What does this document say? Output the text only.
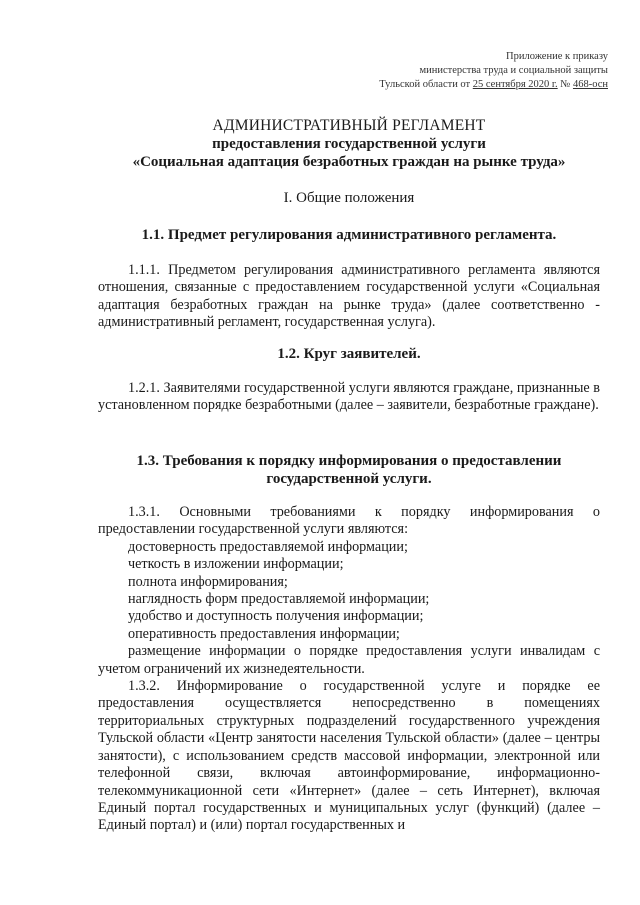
Приложение к приказу
министерства труда и социальной защиты
Тульской области от 25 сентября 2020 г. № 468-осн
АДМИНИСТРАТИВНЫЙ РЕГЛАМЕНТ
предоставления государственной услуги
«Социальная адаптация безработных граждан на рынке труда»
I. Общие положения
1.1. Предмет регулирования административного регламента.
1.1.1. Предметом регулирования административного регламента являются отношения, связанные с предоставлением государственной услуги «Социальная адаптация безработных граждан на рынке труда» (далее соответственно - административный регламент, государственная услуга).
1.2. Круг заявителей.
1.2.1. Заявителями государственной услуги являются граждане, признанные в установленном порядке безработными (далее – заявители, безработные граждане).
1.3. Требования к порядку информирования о предоставлении
государственной услуги.
1.3.1. Основными требованиями к порядку информирования о предоставлении государственной услуги являются:
достоверность предоставляемой информации;
четкость в изложении информации;
полнота информирования;
наглядность форм предоставляемой информации;
удобство и доступность получения информации;
оперативность предоставления информации;
размещение информации о порядке предоставления услуги инвалидам с учетом ограничений их жизнедеятельности.
1.3.2. Информирование о государственной услуге и порядке ее предоставления осуществляется непосредственно в помещениях территориальных структурных подразделений государственного учреждения Тульской области «Центр занятости населения Тульской области» (далее – центры занятости), с использованием средств массовой информации, электронной или телефонной связи, включая автоинформирование, информационно-телекоммуникационной сети «Интернет» (далее – сеть Интернет), включая Единый портал государственных и муниципальных услуг (функций) (далее – Единый портал) и (или) портал государственных и
